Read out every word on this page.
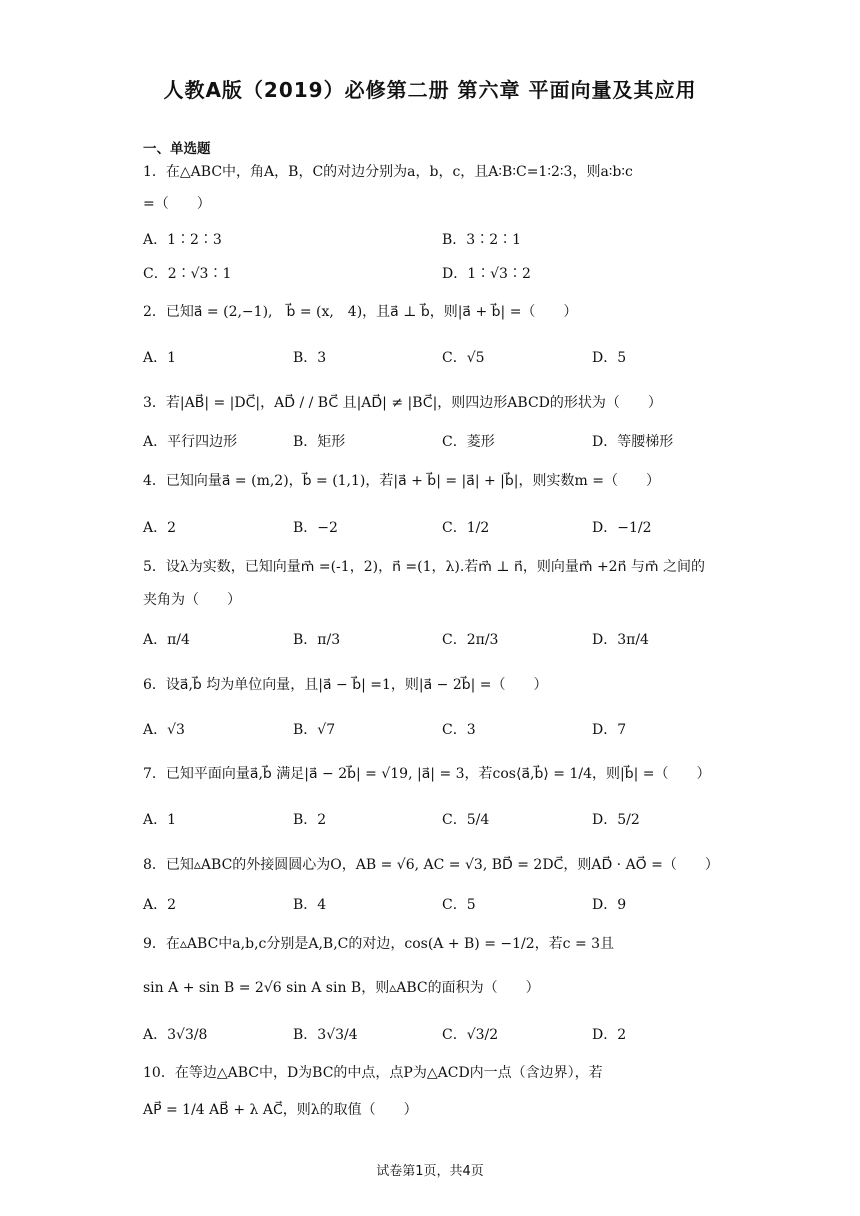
人教A版（2019）必修第二册 第六章 平面向量及其应用
一、单选题
1．在△ABC中，角A，B，C的对边分别为a，b，c，且A∶B∶C=1∶2∶3，则a∶b∶c
=（　　）
A．1∶2∶3	B．3∶2∶1
C．2∶√3∶1	D．1∶√3∶2
2．已知a⃗ = (2,−1),　b⃗ = (x,　4)，且a⃗ ⊥ b⃗，则|a⃗ + b⃗| =（　　）
A．1	B．3	C．√5	D．5
3．若|AB⃗| = |DC⃗|，AD⃗ / / BC⃗ 且|AD⃗| ≠ |BC⃗|，则四边形ABCD的形状为（　　）
A．平行四边形	B．矩形	C．菱形	D．等腰梯形
4．已知向量a⃗ = (m,2)，b⃗ = (1,1)，若|a⃗ + b⃗| = |a⃗| + |b⃗|，则实数m =（　　）
A．2	B．−2	C．1/2	D．−1/2
5．设λ为实数，已知向量m⃗ =(-1，2)，n⃗ =(1，λ).若m⃗ ⊥ n⃗，则向量m⃗ +2n⃗ 与m⃗ 之间的
夹角为（　　）
A．π/4	B．π/3	C．2π/3	D．3π/4
6．设a⃗,b⃗ 均为单位向量，且|a⃗ − b⃗| =1，则|a⃗ − 2b⃗| =（　　）
A．√3	B．√7	C．3	D．7
7．已知平面向量a⃗,b⃗ 满足|a⃗ − 2b⃗| = √19, |a⃗| = 3，若cos⟨a⃗,b⃗⟩ = 1/4，则|b⃗| =（　　）
A．1	B．2	C．5/4	D．5/2
8．已知▵ABC的外接圆圆心为O，AB = √6, AC = √3, BD⃗ = 2DC⃗，则AD⃗ · AO⃗ =（　　）
A．2	B．4	C．5	D．9
9．在▵ABC中a,b,c分别是A,B,C的对边，cos(A + B) = −1/2，若c = 3且
sin A + sin B = 2√6 sin A sin B，则▵ABC的面积为（　　）
A．3√3/8	B．3√3/4	C．√3/2	D．2
10．在等边△ABC中，D为BC的中点，点P为△ACD内一点（含边界），若
AP⃗ = 1/4 AB⃗ + λ AC⃗，则λ的取值（　　）
试卷第1页，共4页
